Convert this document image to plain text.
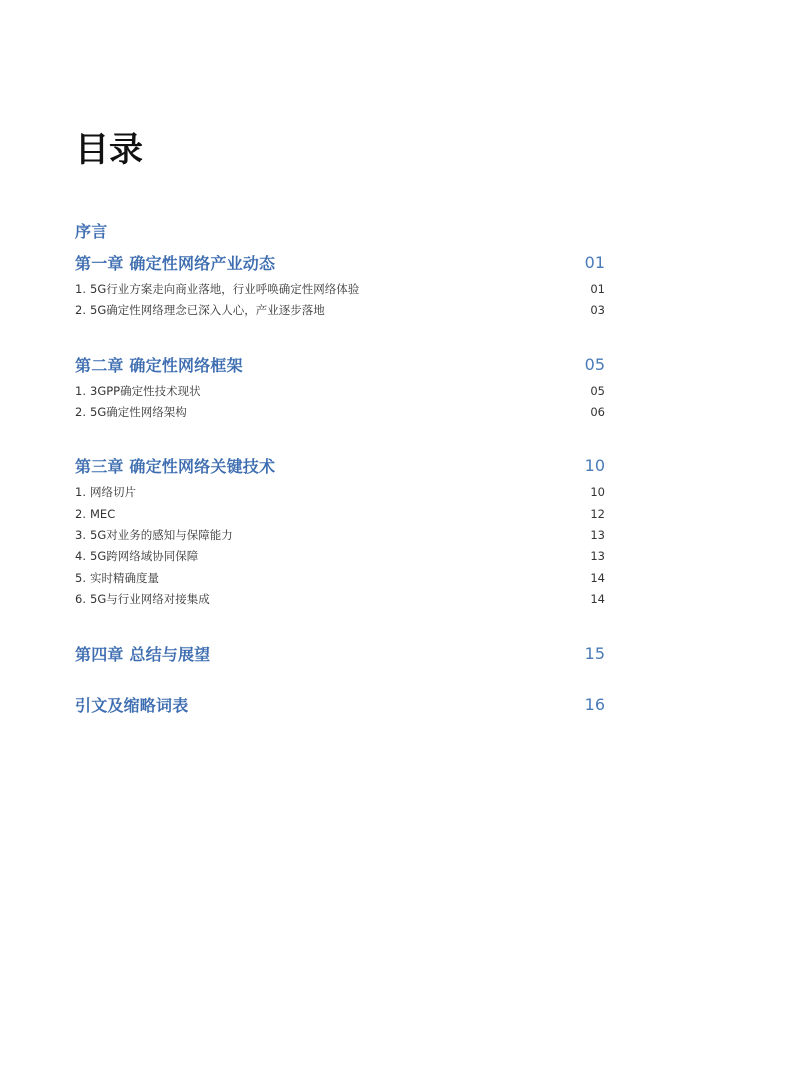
目录
序言
第一章 确定性网络产业动态	01
1. 5G行业方案走向商业落地，行业呼唤确定性网络体验	01
2. 5G确定性网络理念已深入人心，产业逐步落地	03
第二章 确定性网络框架	05
1. 3GPP确定性技术现状	05
2. 5G确定性网络架构	06
第三章 确定性网络关键技术	10
1. 网络切片	10
2. MEC	12
3. 5G对业务的感知与保障能力	13
4. 5G跨网络域协同保障	13
5. 实时精确度量	14
6. 5G与行业网络对接集成	14
第四章 总结与展望	15
引文及缩略词表	16
